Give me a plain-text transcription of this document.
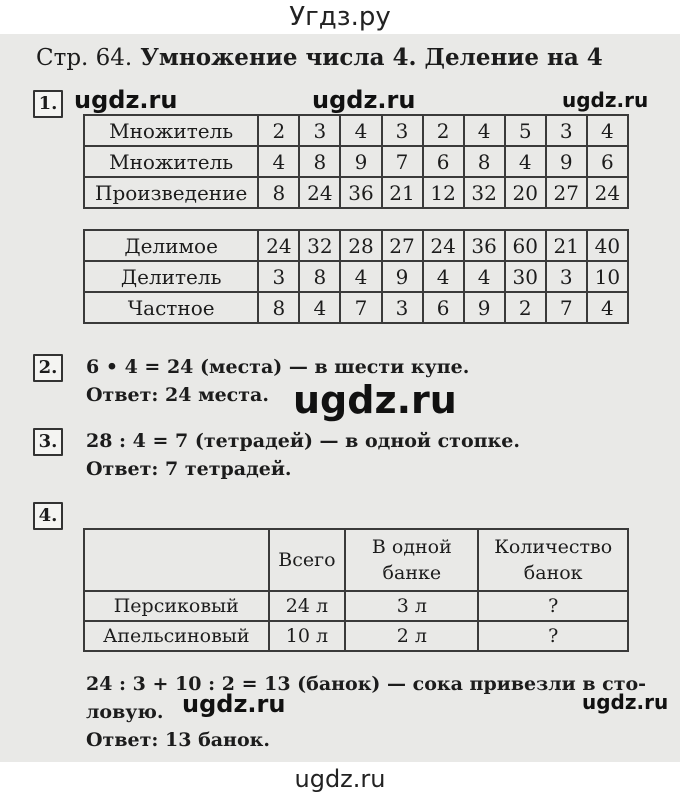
Угдз.ру
Стр. 64. Умножение числа 4. Деление на 4
ugdz.ru	ugdz.ru	ugdz.ru
ugdz.ru
ugdz.ru	ugdz.ru
1.
Множитель	2	3	4	3	2	4	5	3	4
Множитель	4	8	9	7	6	8	4	9	6
Произведение	8	24	36	21	12	32	20	27	24
Делимое	24	32	28	27	24	36	60	21	40
Делитель	3	8	4	9	4	4	30	3	10
Частное	8	4	7	3	6	9	2	7	4
2. 6 • 4 = 24 (места) — в шести купе.
Ответ: 24 места.
3. 28 : 4 = 7 (тетрадей) — в одной стопке.
Ответ: 7 тетрадей.
4.
	Всего	В одной банке	Количество банок
Персиковый	24 л	3 л	?
Апельсиновый	10 л	2 л	?
24 : 3 + 10 : 2 = 13 (банок) — сока привезли в сто-
ловую.
Ответ: 13 банок.
ugdz.ru
